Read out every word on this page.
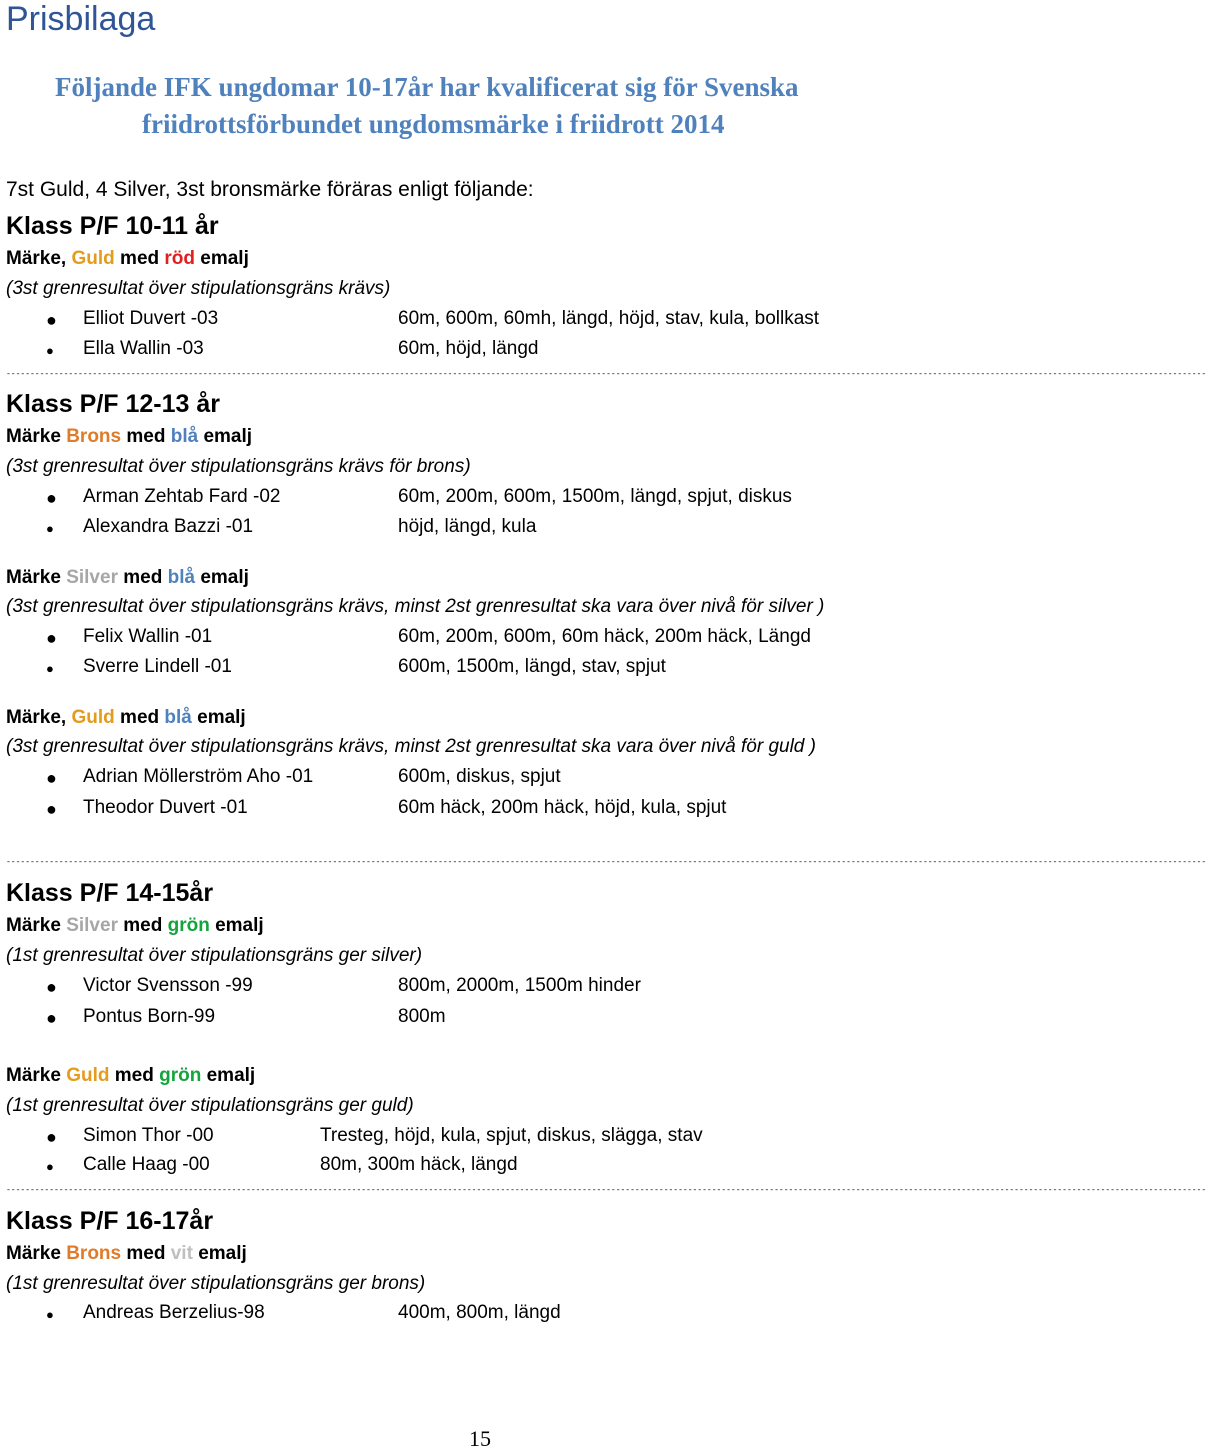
Prisbilaga
Följande IFK ungdomar 10-17år har kvalificerat sig för Svenska
friidrottsförbundet ungdomsmärke i friidrott 2014
7st Guld, 4 Silver, 3st bronsmärke föräras enligt följande:
Klass P/F 10-11 år
Märke, Guld med röd emalj
(3st grenresultat över stipulationsgräns krävs)
● Elliot Duvert -03	60m, 600m, 60mh, längd, höjd, stav, kula, bollkast
● Ella Wallin -03	60m, höjd, längd
----------------------------------------------------------------------------------------------------------------------------------------------------------------------------------------------------------------------------------------------------------
Klass P/F 12-13 år
Märke Brons med blå emalj
(3st grenresultat över stipulationsgräns krävs för brons)
● Arman Zehtab Fard -02	60m, 200m, 600m, 1500m, längd, spjut, diskus
● Alexandra Bazzi -01	höjd, längd, kula
Märke Silver med blå emalj
(3st grenresultat över stipulationsgräns krävs, minst 2st grenresultat ska vara över nivå för silver )
● Felix Wallin -01	60m, 200m, 600m, 60m häck, 200m häck, Längd
● Sverre Lindell -01	600m, 1500m, längd, stav, spjut
Märke, Guld med blå emalj
(3st grenresultat över stipulationsgräns krävs, minst 2st grenresultat ska vara över nivå för guld )
● Adrian Möllerström Aho -01	600m, diskus, spjut
● Theodor Duvert -01	60m häck, 200m häck, höjd, kula, spjut
----------------------------------------------------------------------------------------------------------------------------------------------------------------------------------------------------------------------------------------------------------
Klass P/F 14-15år
Märke Silver med grön emalj
(1st grenresultat över stipulationsgräns ger silver)
● Victor Svensson -99	800m, 2000m, 1500m hinder
● Pontus Born-99	800m
Märke Guld med grön emalj
(1st grenresultat över stipulationsgräns ger guld)
● Simon Thor -00	Tresteg, höjd, kula, spjut, diskus, slägga, stav
● Calle Haag -00	80m, 300m häck, längd
----------------------------------------------------------------------------------------------------------------------------------------------------------------------------------------------------------------------------------------------------------
Klass P/F 16-17år
Märke Brons med vit emalj
(1st grenresultat över stipulationsgräns ger brons)
● Andreas Berzelius-98	400m, 800m, längd
15
